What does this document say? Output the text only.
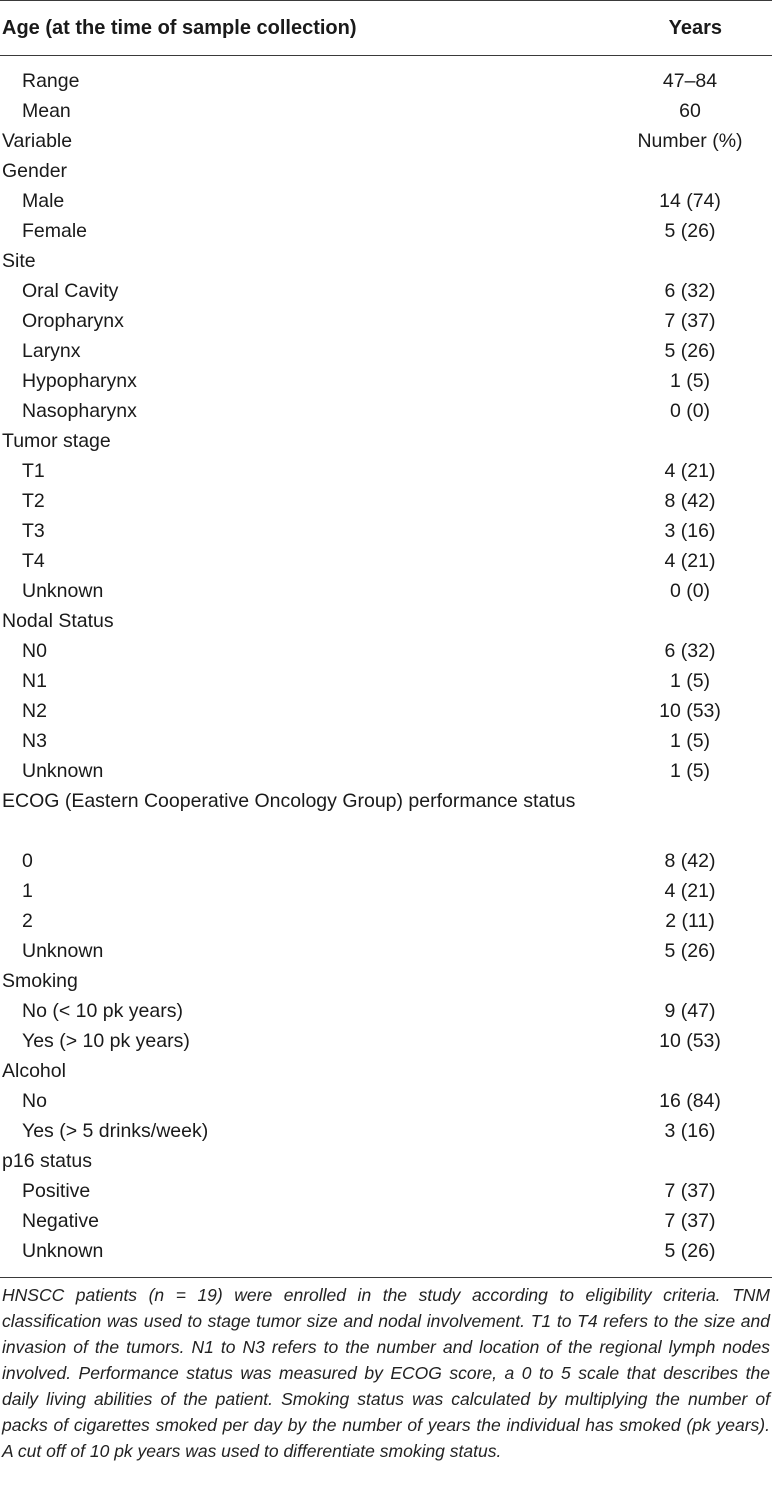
Age (at the time of sample collection)	Years
Range	47–84
Mean	60
Variable	Number (%)
Gender
Male	14 (74)
Female	5 (26)
Site
Oral Cavity	6 (32)
Oropharynx	7 (37)
Larynx	5 (26)
Hypopharynx	1 (5)
Nasopharynx	0 (0)
Tumor stage
T1	4 (21)
T2	8 (42)
T3	3 (16)
T4	4 (21)
Unknown	0 (0)
Nodal Status
N0	6 (32)
N1	1 (5)
N2	10 (53)
N3	1 (5)
Unknown	1 (5)
ECOG (Eastern Cooperative Oncology Group) performance status
0	8 (42)
1	4 (21)
2	2 (11)
Unknown	5 (26)
Smoking
No (< 10 pk years)	9 (47)
Yes (> 10 pk years)	10 (53)
Alcohol
No	16 (84)
Yes (> 5 drinks/week)	3 (16)
p16 status
Positive	7 (37)
Negative	7 (37)
Unknown	5 (26)
HNSCC patients (n = 19) were enrolled in the study according to eligibility criteria. TNM classification was used to stage tumor size and nodal involvement. T1 to T4 refers to the size and invasion of the tumors. N1 to N3 refers to the number and location of the regional lymph nodes involved. Performance status was measured by ECOG score, a 0 to 5 scale that describes the daily living abilities of the patient. Smoking status was calculated by multiplying the number of packs of cigarettes smoked per day by the number of years the individual has smoked (pk years). A cut off of 10 pk years was used to differentiate smoking status.
